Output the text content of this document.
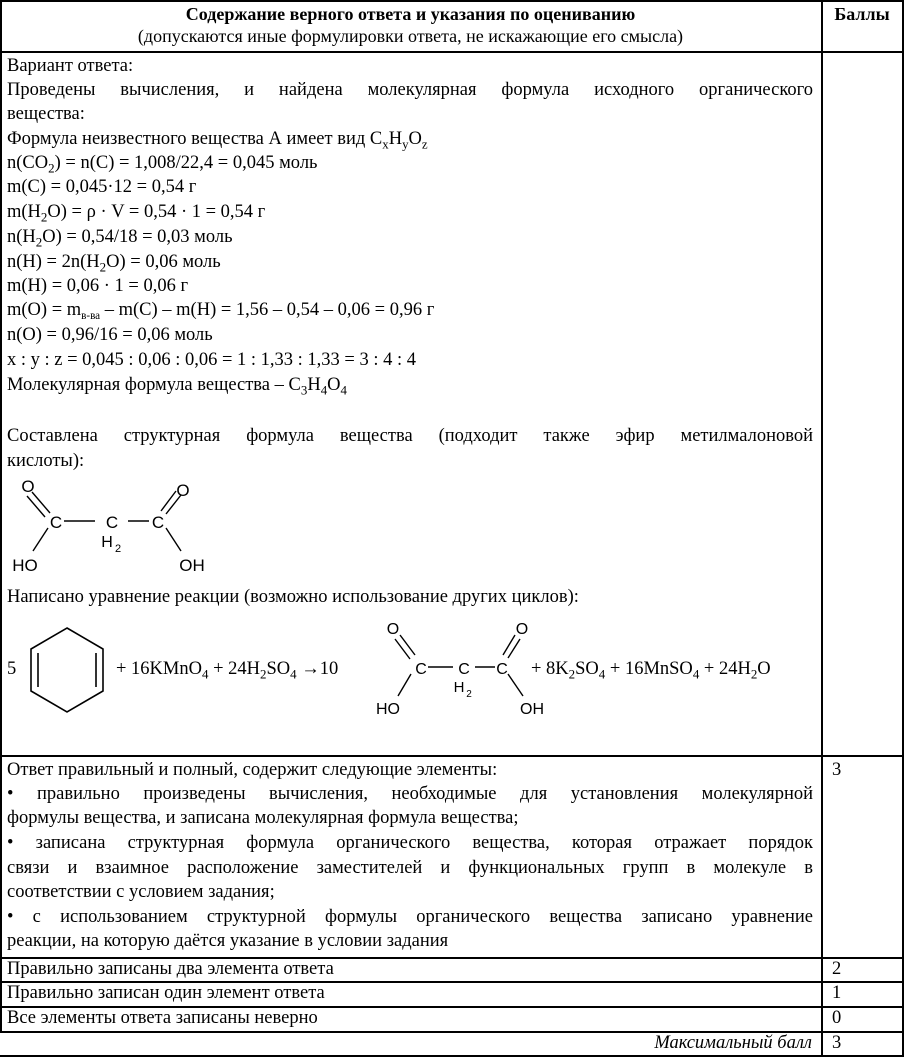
Содержание верного ответа и указания по оцениванию
(допускаются иные формулировки ответа, не искажающие его смысла)
Баллы
Вариант ответа:
Проведены вычисления, и найдена молекулярная формула исходного органического
вещества:
Формула неизвестного вещества А имеет вид $C_xH_yO_z$
$n(CO_2) = n(C) = 1,008/22,4 = 0,045$ моль
m(C) = 0,045·12 = 0,54 г
$m(H_2O) = \rho \cdot V = 0,54 \cdot 1 = 0,54$ г
$n(H_2O) = 0,54/18 = 0,03$ моль
$n(H) = 2n(H_2O) = 0,06$ моль
m(H) = 0,06 · 1 = 0,06 г
$m(O) = m_{в-ва} - m(C) - m(H) = 1,56 - 0,54 - 0,06 = 0,96$ г
n(O) = 0,96/16 = 0,06 моль
x : y : z = 0,045 : 0,06 : 0,06 = 1 : 1,33 : 1,33 = 3 : 4 : 4
Молекулярная формула вещества – $C_3H_4O_4$
Составлена структурная формула вещества (подходит также эфир метилмалоновой
кислоты):
O
C	C
H 2
C
O
HO	OH
Написано уравнение реакции (возможно использование других циклов):
5	+ 16KMnO$_4$ + $24H_2SO_4 \to 10$
O
C C
H 2
C
O
HO	OH
+ $8K_2SO_4$ + 16MnSO$_4$ + $24H_2O$
Ответ правильный и полный, содержит следующие элементы:
• правильно произведены вычисления, необходимые для установления молекулярной
формулы вещества, и записана молекулярная формула вещества;
• записана структурная формула органического вещества, которая отражает порядок
связи и взаимное расположение заместителей и функциональных групп в молекуле в
соответствии с условием задания;
• с использованием структурной формулы органического вещества записано уравнение
реакции, на которую даётся указание в условии задания
3
Правильно записаны два элемента ответа	2
Правильно записан один элемент ответа	1
Все элементы ответа записаны неверно	0
Максимальный балл 3
